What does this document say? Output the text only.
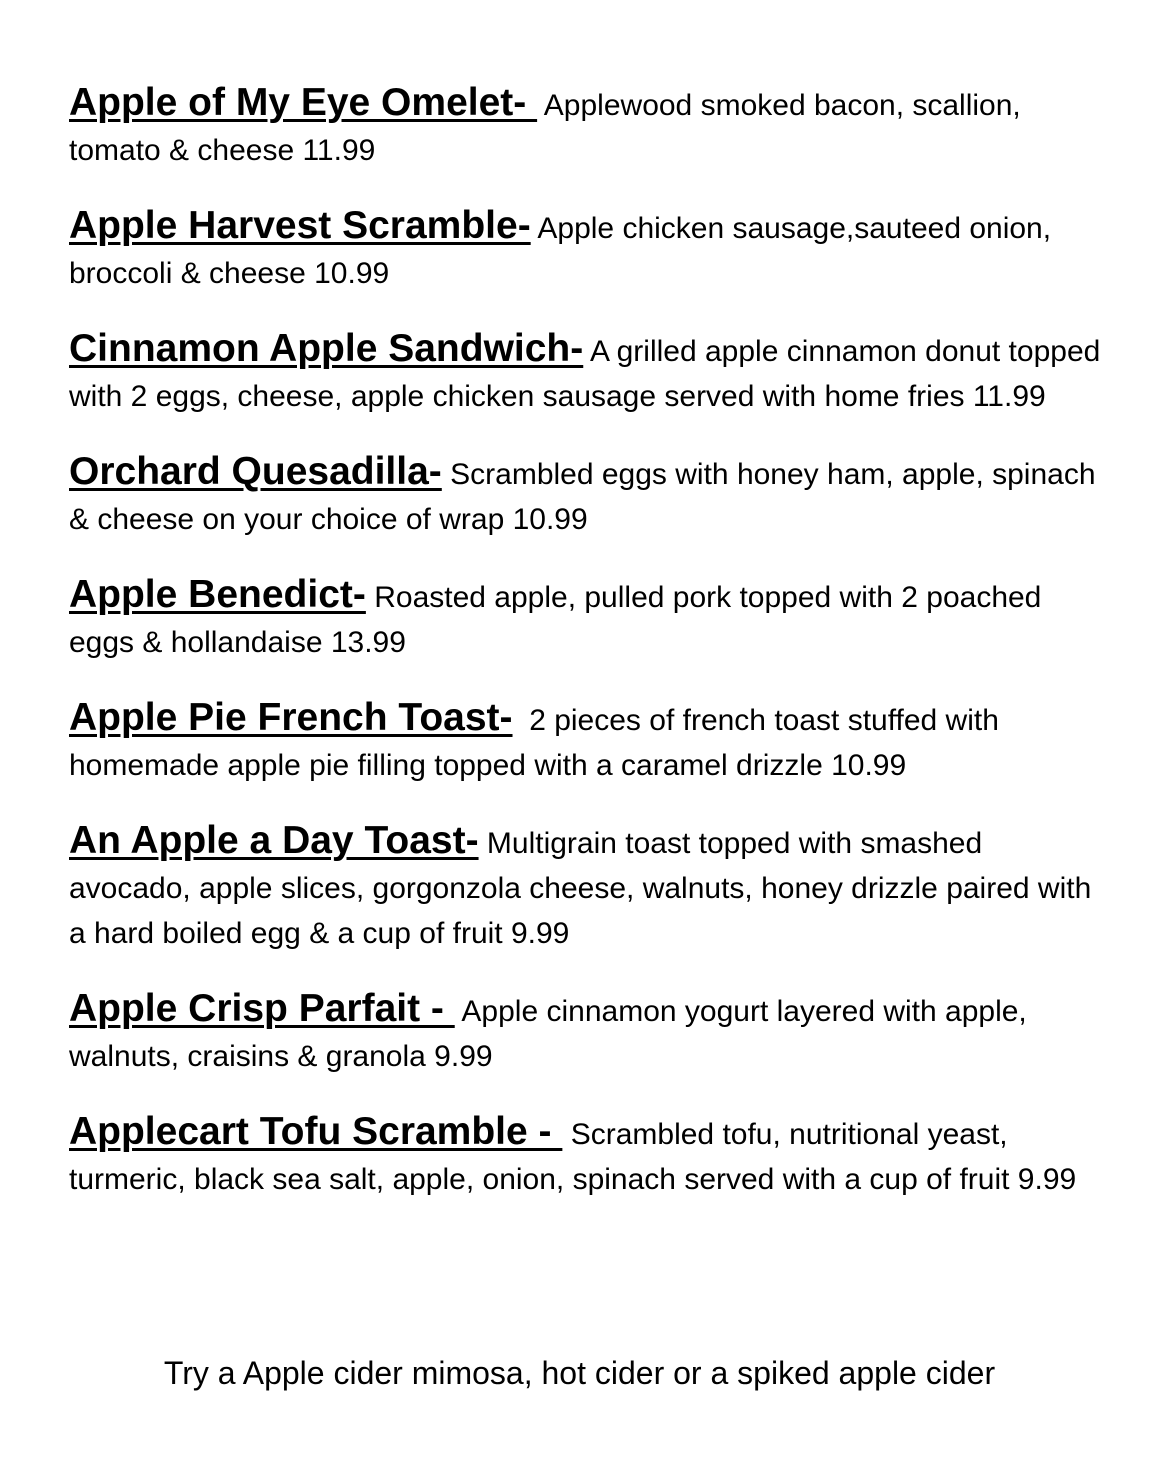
Apple of My Eye Omelet-  Applewood smoked bacon, scallion, tomato & cheese 11.99

Apple Harvest Scramble- Apple chicken sausage,sauteed onion, broccoli & cheese 10.99

Cinnamon Apple Sandwich- A grilled apple cinnamon donut topped with 2 eggs, cheese, apple chicken sausage served with home fries 11.99

Orchard Quesadilla- Scrambled eggs with honey ham, apple, spinach & cheese on your choice of wrap 10.99

Apple Benedict- Roasted apple, pulled pork topped with 2 poached eggs & hollandaise 13.99

Apple Pie French Toast- 2 pieces of french toast stuffed with homemade apple pie filling topped with a caramel drizzle 10.99

An Apple a Day Toast- Multigrain toast topped with smashed avocado, apple slices, gorgonzola cheese, walnuts, honey drizzle paired with a hard boiled egg & a cup of fruit 9.99

Apple Crisp Parfait -  Apple cinnamon yogurt layered with apple, walnuts, craisins & granola 9.99

Applecart Tofu Scramble -  Scrambled tofu, nutritional yeast, turmeric, black sea salt, apple, onion, spinach served with a cup of fruit 9.99

Try a Apple cider mimosa, hot cider or a spiked apple cider
